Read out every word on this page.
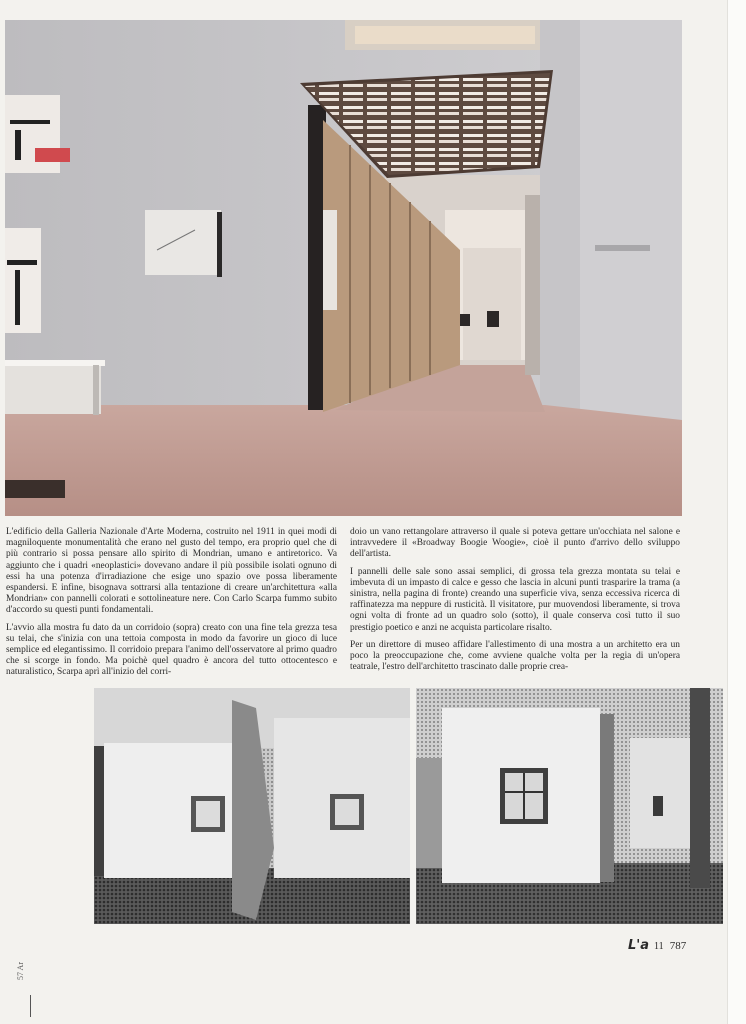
L'edificio della Galleria Nazionale d'Arte Moderna, costruito nel 1911 in quei modi di magniloquente monumentalità che erano nel gusto del tempo, era proprio quel che di più contrario si possa pensare allo spirito di Mondrian, umano e antiretorico. Va aggiunto che i quadri «neoplastici» dovevano andare il più possibile isolati ognuno di essi ha una potenza d'irradiazione che esige uno spazio ove possa liberamente espandersi. E infine, bisognava sottrarsi alla tentazione di creare un'architettura «alla Mondrian» con pannelli colorati e sottolineature nere. Con Carlo Scarpa fummo subito d'accordo su questi punti fondamentali.

L'avvio alla mostra fu dato da un corridoio (sopra) creato con una fine tela grezza tesa su telai, che s'inizia con una tettoia composta in modo da favorire un gioco di luce semplice ed elegantissimo. Il corridoio prepara l'animo dell'osservatore al primo quadro che si scorge in fondo. Ma poichè quel quadro è ancora del tutto ottocentesco e naturalistico, Scarpa aprì all'inizio del corri-

doio un vano rettangolare attraverso il quale si poteva gettare un'occhiata nel salone e intravvedere il «Broadway Boogie Woogie», cioè il punto d'arrivo dello sviluppo dell'artista.

I pannelli delle sale sono assai semplici, di grossa tela grezza montata su telai e imbevuta di un impasto di calce e gesso che lascia in alcuni punti trasparire la trama (a sinistra, nella pagina di fronte) creando una superficie viva, senza eccessiva ricerca di raffinatezza ma neppure di rusticità. Il visitatore, pur muovendosi liberamente, si trova ogni volta di fronte ad un quadro solo (sotto), il quale conserva così tutto il suo prestigio poetico e anzi ne acquista particolare risalto.

Per un direttore di museo affidare l'allestimento di una mostra a un architetto era un poco la preoccupazione che, come avviene qualche volta per la regia di un'opera teatrale, l'estro dell'architetto trascinato dalle proprie crea-

L'a 11 787
57 Ar
